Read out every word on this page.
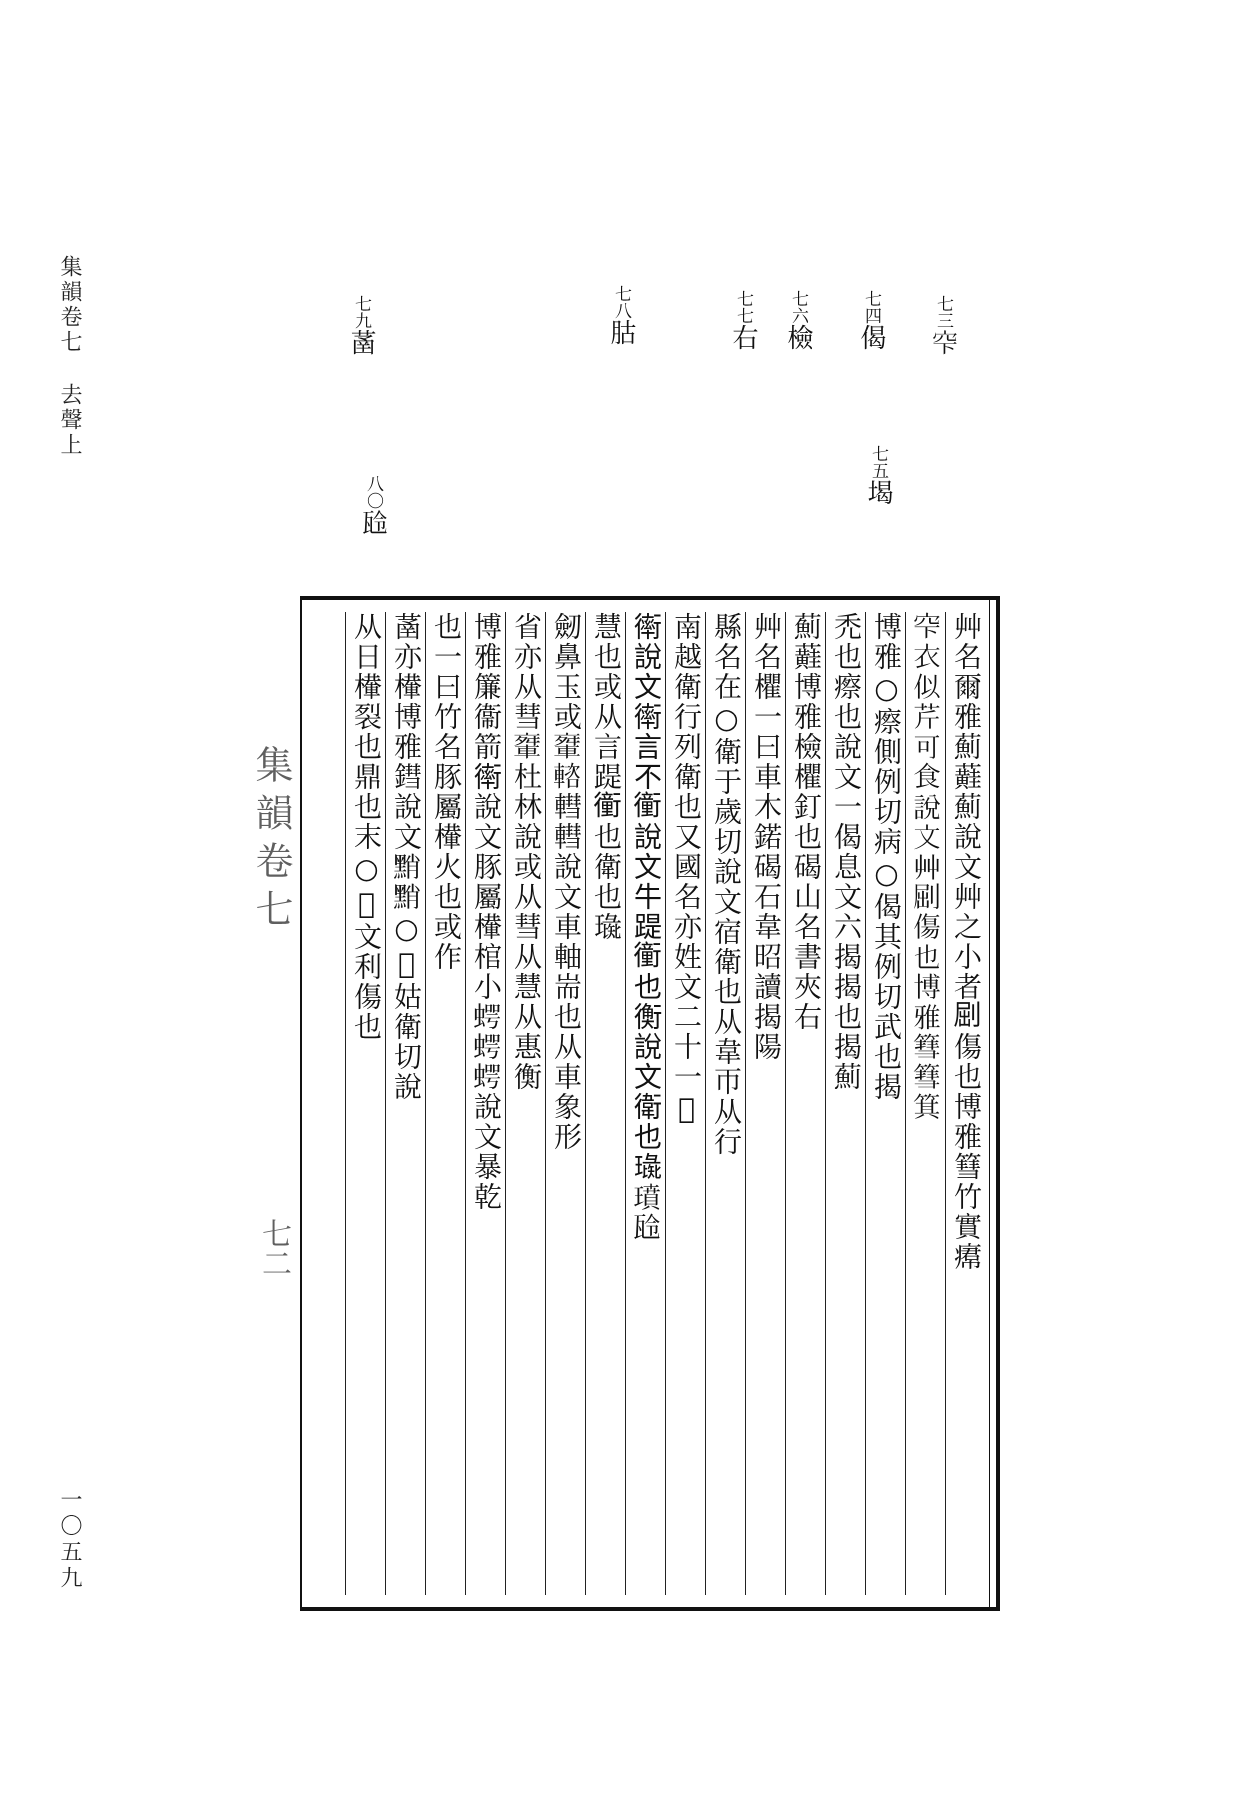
集韻卷七
去聲上
一〇五九
七三𥤲
七四偈
七五堨
七六檢
七七右
七八𦙶
七九䓿
八〇𤬻
集韻卷七
七二	艸名爾雅薊蘳薊說文艸之小者𠜾傷也博雅篲竹實𤸷
𥤲衣似芹可食說文艸𠜾傷也博雅篲篲箕
博雅○瘵側例切病○偈其例切武也揭
禿也瘵也說文一偈息文六揭揭也揭薊
薊蘳博雅檢欋釘也碣山名書夾右
艸名欋一曰車木鍩碣石韋昭讀揭陽
縣名在○衛于歲切說文宿衛也从韋帀从行
南越衛行列衛也又國名亦姓文二十一𠂑
𧗿說文𧗿言不𧘂說文牛踶𧘂也𧗾說文衛也璏𤩳𤬻
慧也或从言踶𧘂也衛也璏
劒鼻玉或𨌤𨍢轊轊說文車軸耑也从車象形
省亦从彗𨌤杜林說或从彗从慧从惠𧗾
博雅簾衞箭𧗿說文豚屬檋棺小𧍞𧍞𧍞說文暴乾
也一曰竹名豚屬檋火也或作
䓿亦檋博雅鏏說文𪑊𪑊○𣝾姑衛切說
从日檋裂也鼎也末○𣝾文利傷也
